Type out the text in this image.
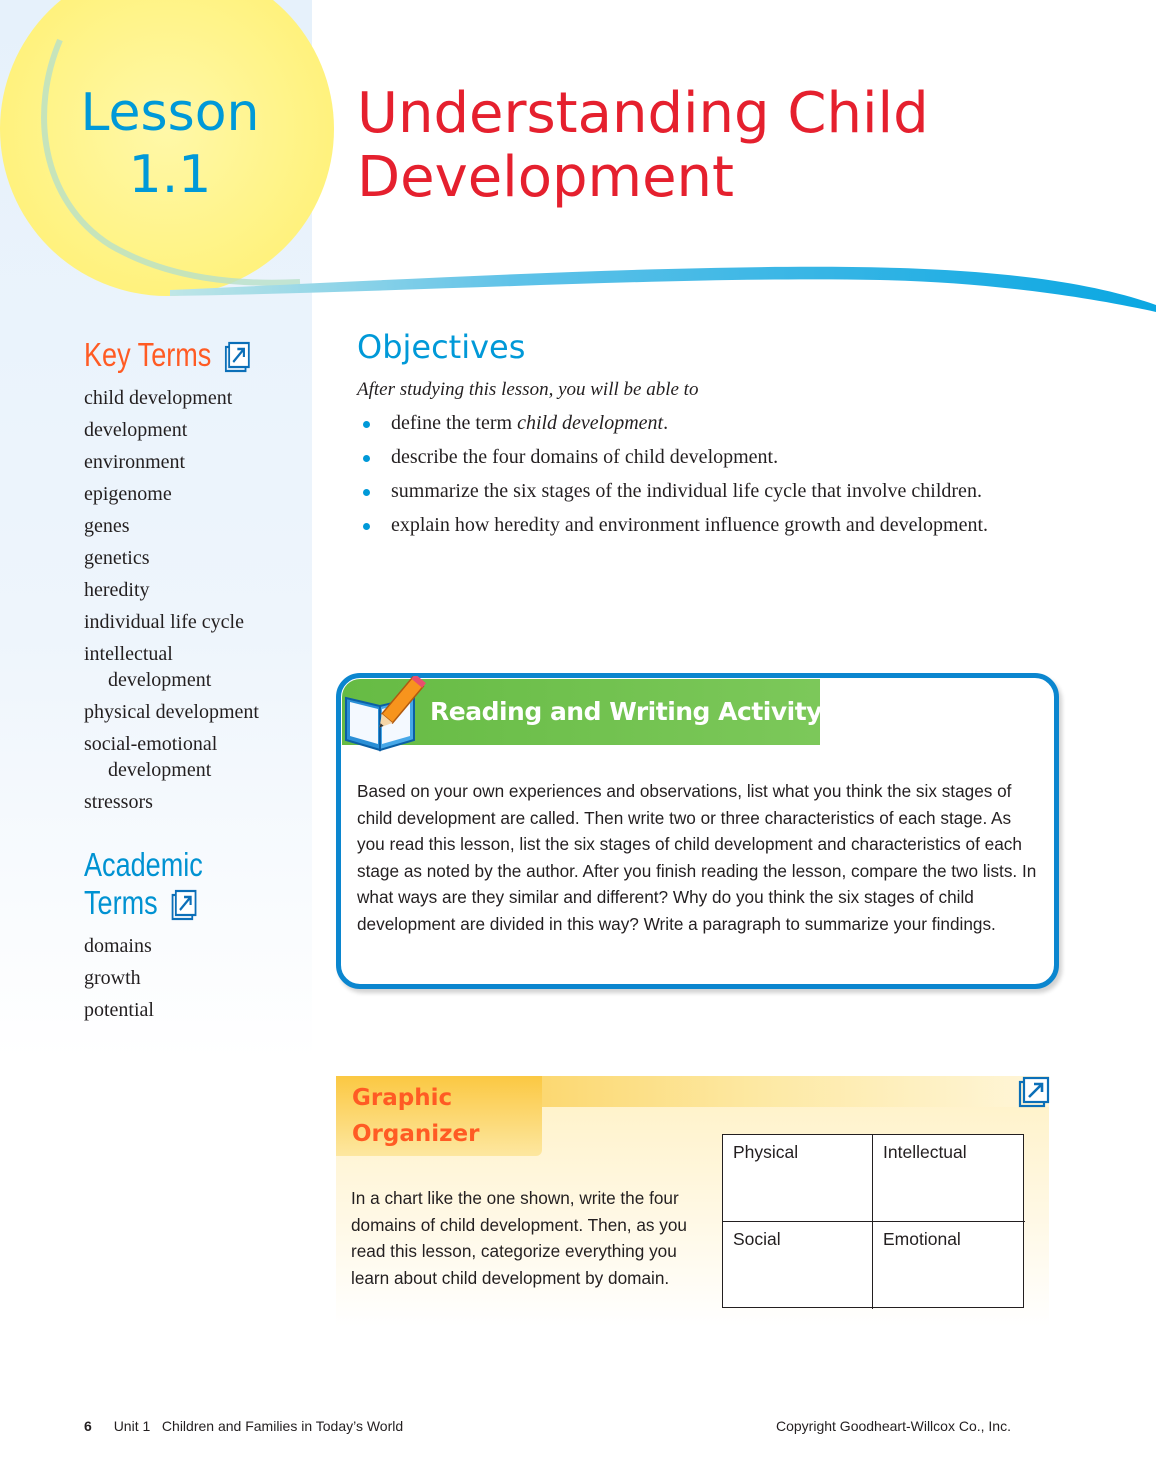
Lesson
1.1
Understanding Child
Development
Key Terms
child development
development
environment
epigenome
genes
genetics
heredity
individual life cycle
intellectual development
physical development
social-emotional development
stressors
Academic
Terms
domains
growth
potential
Objectives
After studying this lesson, you will be able to
define the term child development.
describe the four domains of child development.
summarize the six stages of the individual life cycle that involve children.
explain how heredity and environment influence growth and development.
Reading and Writing Activity

Based on your own experiences and observations, list what you think the six stages of child development are called. Then write two or three characteristics of each stage. As you read this lesson, list the six stages of child development and characteristics of each stage as noted by the author. After you finish reading the lesson, compare the two lists. In what ways are they similar and different? Why do you think the six stages of child development are divided in this way? Write a paragraph to summarize your findings.

Graphic
Organizer

In a chart like the one shown, write the four domains of child development. Then, as you read this lesson, categorize everything you learn about child development by domain.

Physical	Intellectual
Social	Emotional
6 Unit 1   Children and Families in Today’s World	Copyright Goodheart-Willcox Co., Inc.
